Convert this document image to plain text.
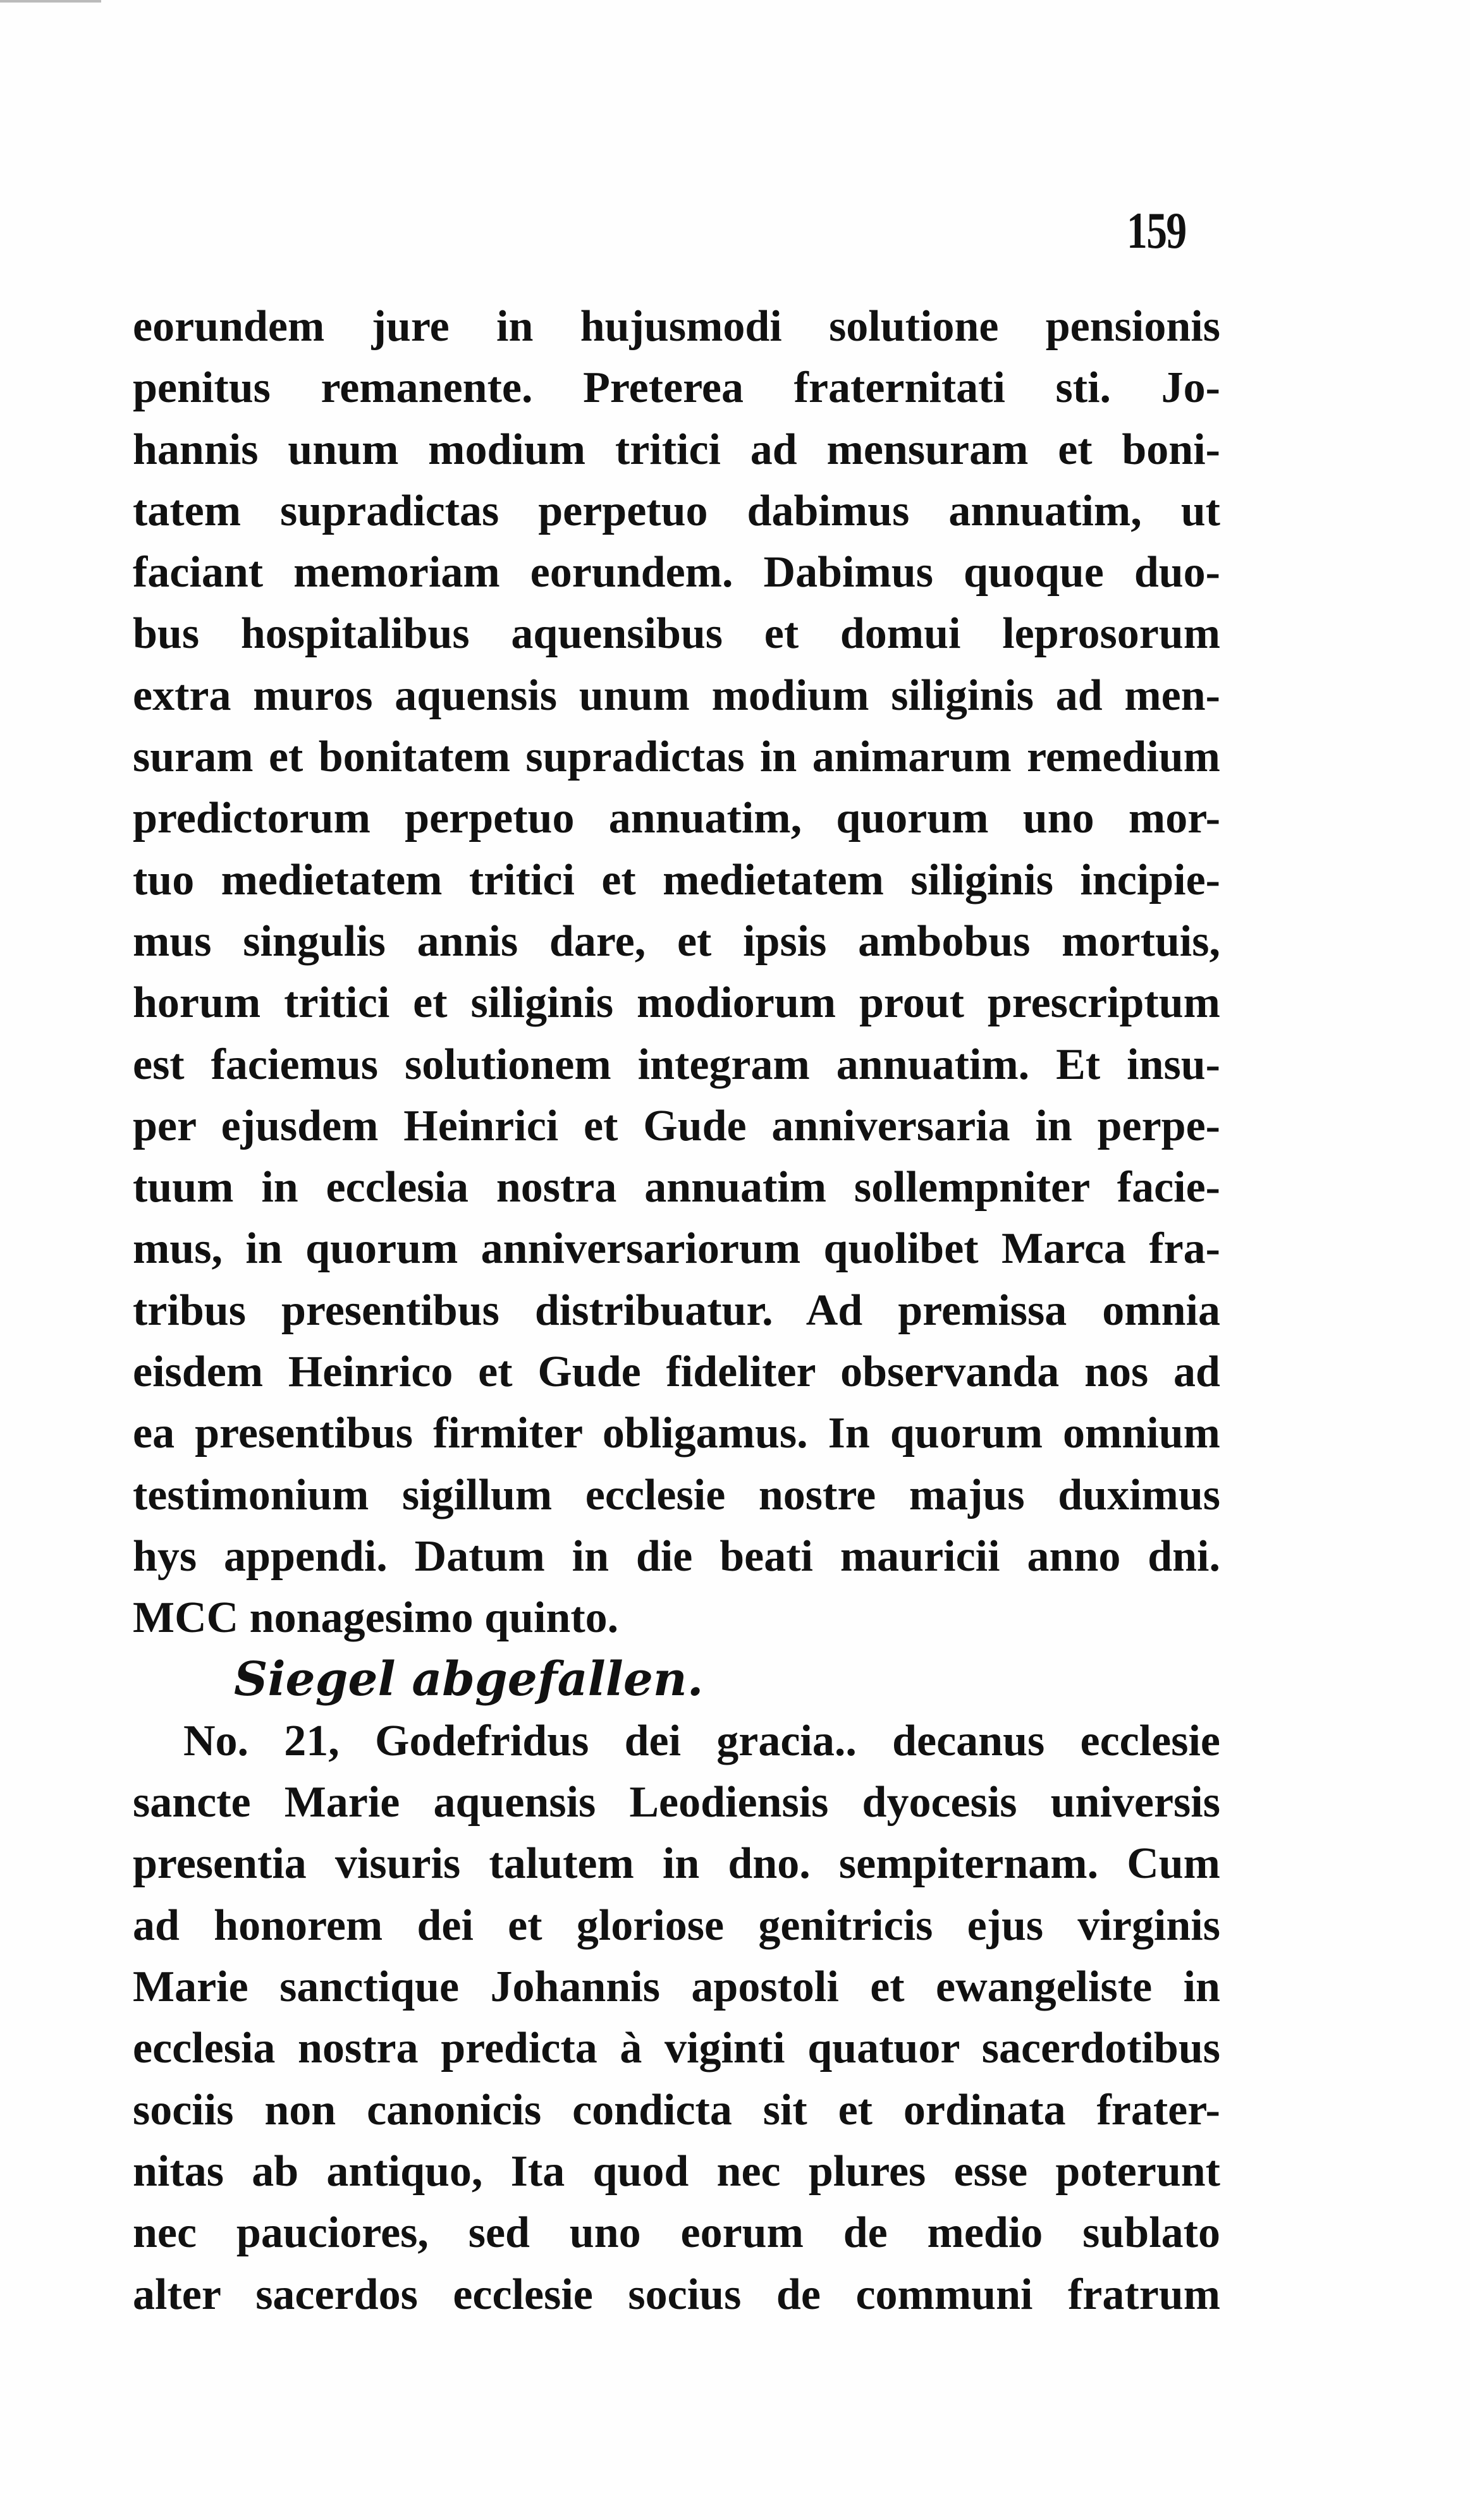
159
eorundem jure in hujusmodi solutione pensionis
penitus remanente. Preterea fraternitati sti. Jo-
hannis unum modium tritici ad mensuram et boni-
tatem supradictas perpetuo dabimus annuatim, ut
faciant memoriam eorundem. Dabimus quoque duo-
bus hospitalibus aquensibus et domui leprosorum
extra muros aquensis unum modium siliginis ad men-
suram et bonitatem supradictas in animarum remedium
predictorum perpetuo annuatim, quorum uno mor-
tuo medietatem tritici et medietatem siliginis incipie-
mus singulis annis dare, et ipsis ambobus mortuis,
horum tritici et siliginis modiorum prout prescriptum
est faciemus solutionem integram annuatim. Et insu-
per ejusdem Heinrici et Gude anniversaria in perpe-
tuum in ecclesia nostra annuatim sollempniter facie-
mus, in quorum anniversariorum quolibet Marca fra-
tribus presentibus distribuatur. Ad premissa omnia
eisdem Heinrico et Gude fideliter observanda nos ad
ea presentibus firmiter obligamus. In quorum omnium
testimonium sigillum ecclesie nostre majus duximus
hys appendi. Datum in die beati mauricii anno dni.
MCC nonagesimo quinto.
Siegel abgefallen.
No. 21, Godefridus dei gracia.. decanus ecclesie
sancte Marie aquensis Leodiensis dyocesis universis
presentia visuris talutem in dno. sempiternam. Cum
ad honorem dei et gloriose genitricis ejus virginis
Marie sanctique Johannis apostoli et ewangeliste in
ecclesia nostra predicta à viginti quatuor sacerdotibus
sociis non canonicis condicta sit et ordinata frater-
nitas ab antiquo, Ita quod nec plures esse poterunt
nec pauciores, sed uno eorum de medio sublato
alter sacerdos ecclesie socius de communi fratrum
